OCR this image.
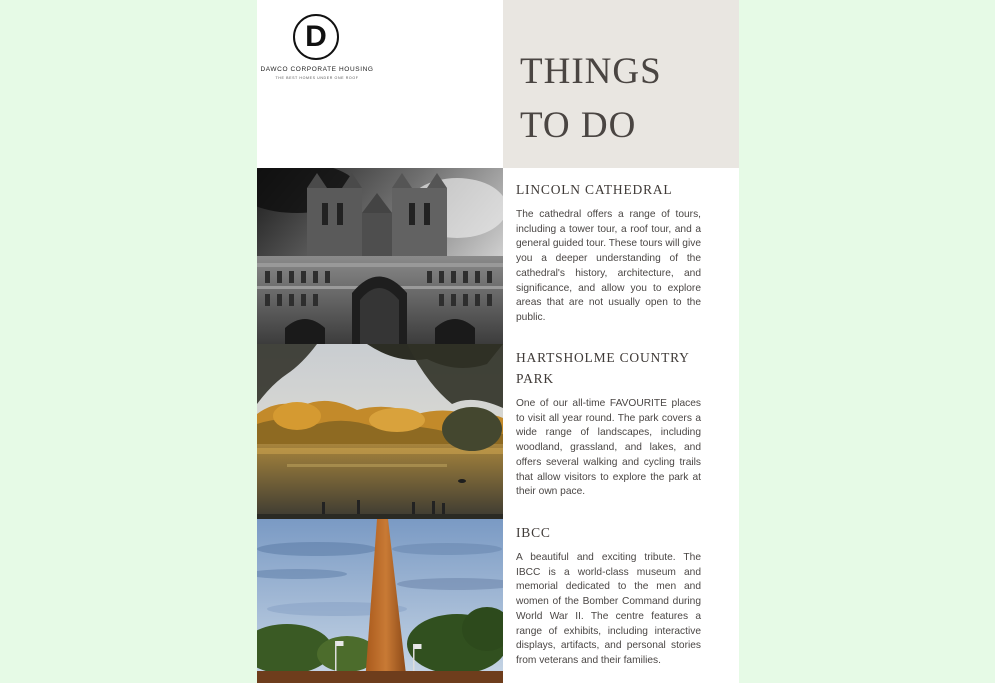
D
DAWCO CORPORATE HOUSING
THE BEST HOMES UNDER ONE ROOF	THINGS
TO DO
LINCOLN CATHEDRAL
The cathedral offers a range of tours, including a tower tour, a roof tour, and a general guided tour. These tours will give you a deeper understanding of the cathedral's history, architecture, and significance, and allow you to explore areas that are not usually open to the public.
HARTSHOLME COUNTRY PARK
One of our all-time FAVOURITE places to visit all year round. The park covers a wide range of landscapes, including woodland, grassland, and lakes, and offers several walking and cycling trails that allow visitors to explore the park at their own pace.
IBCC
A beautiful and exciting tribute. The IBCC is a world-class museum and memorial dedicated to the men and women of the Bomber Command during World War II. The centre features a range of exhibits, including interactive displays, artifacts, and personal stories from veterans and their families.
